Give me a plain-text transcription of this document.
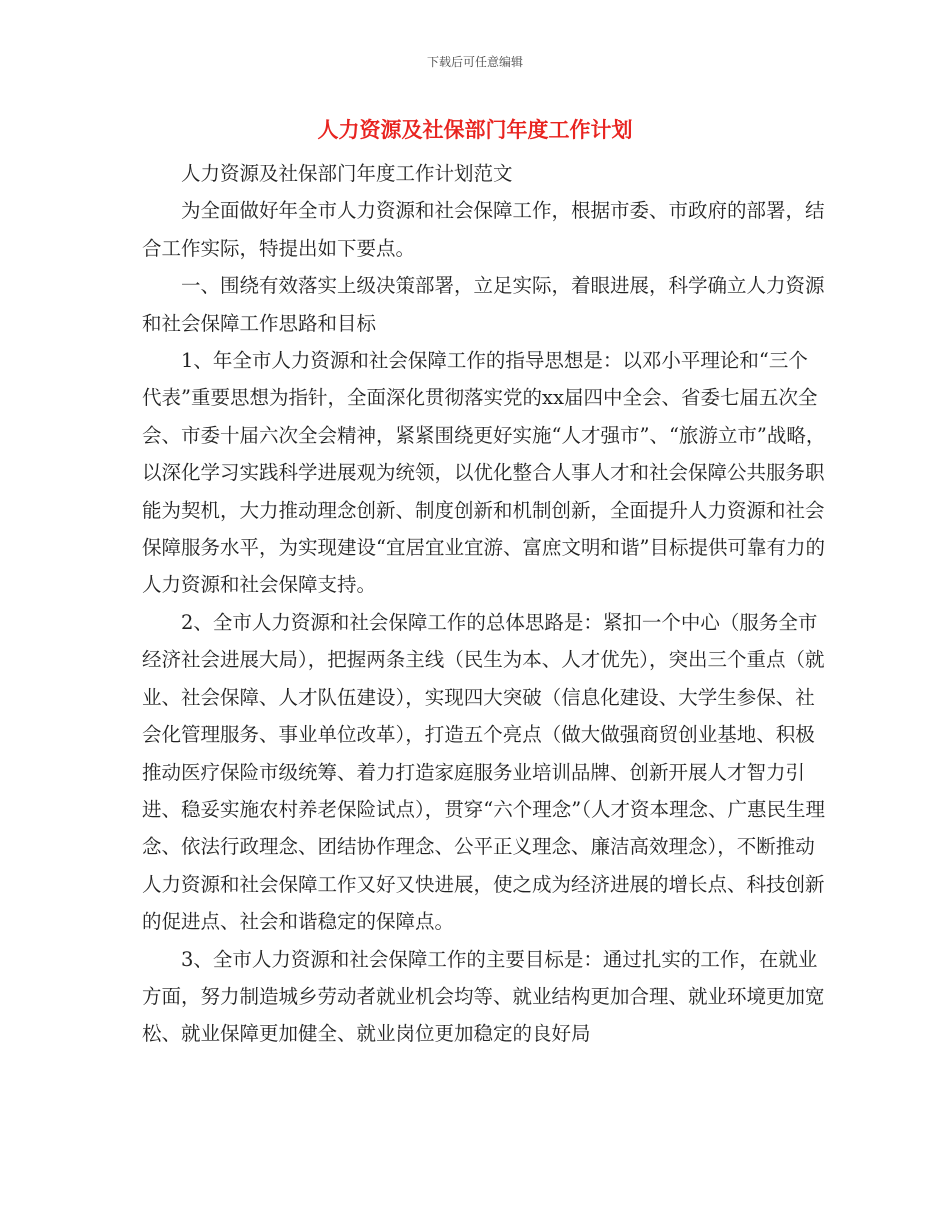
下载后可任意编辑
人力资源及社保部门年度工作计划

人力资源及社保部门年度工作计划范文

为全面做好年全市人力资源和社会保障工作，根据市委、市政府的部署，结合工作实际，特提出如下要点。

一、围绕有效落实上级决策部署，立足实际，着眼进展，科学确立人力资源和社会保障工作思路和目标

1、年全市人力资源和社会保障工作的指导思想是：以邓小平理论和“三个代表”重要思想为指针，全面深化贯彻落实党的xx届四中全会、省委七届五次全会、市委十届六次全会精神，紧紧围绕更好实施“人才强市”、“旅游立市”战略，以深化学习实践科学进展观为统领，以优化整合人事人才和社会保障公共服务职能为契机，大力推动理念创新、制度创新和机制创新，全面提升人力资源和社会保障服务水平，为实现建设“宜居宜业宜游、富庶文明和谐”目标提供可靠有力的人力资源和社会保障支持。

2、全市人力资源和社会保障工作的总体思路是：紧扣一个中心（服务全市经济社会进展大局），把握两条主线（民生为本、人才优先），突出三个重点（就业、社会保障、人才队伍建设），实现四大突破（信息化建设、大学生参保、社会化管理服务、事业单位改革），打造五个亮点（做大做强商贸创业基地、积极推动医疗保险市级统筹、着力打造家庭服务业培训品牌、创新开展人才智力引进、稳妥实施农村养老保险试点），贯穿“六个理念”（人才资本理念、广惠民生理念、依法行政理念、团结协作理念、公平正义理念、廉洁高效理念），不断推动人力资源和社会保障工作又好又快进展，使之成为经济进展的增长点、科技创新的促进点、社会和谐稳定的保障点。

3、全市人力资源和社会保障工作的主要目标是：通过扎实的工作，在就业方面，努力制造城乡劳动者就业机会均等、就业结构更加合理、就业环境更加宽松、就业保障更加健全、就业岗位更加稳定的良好局
